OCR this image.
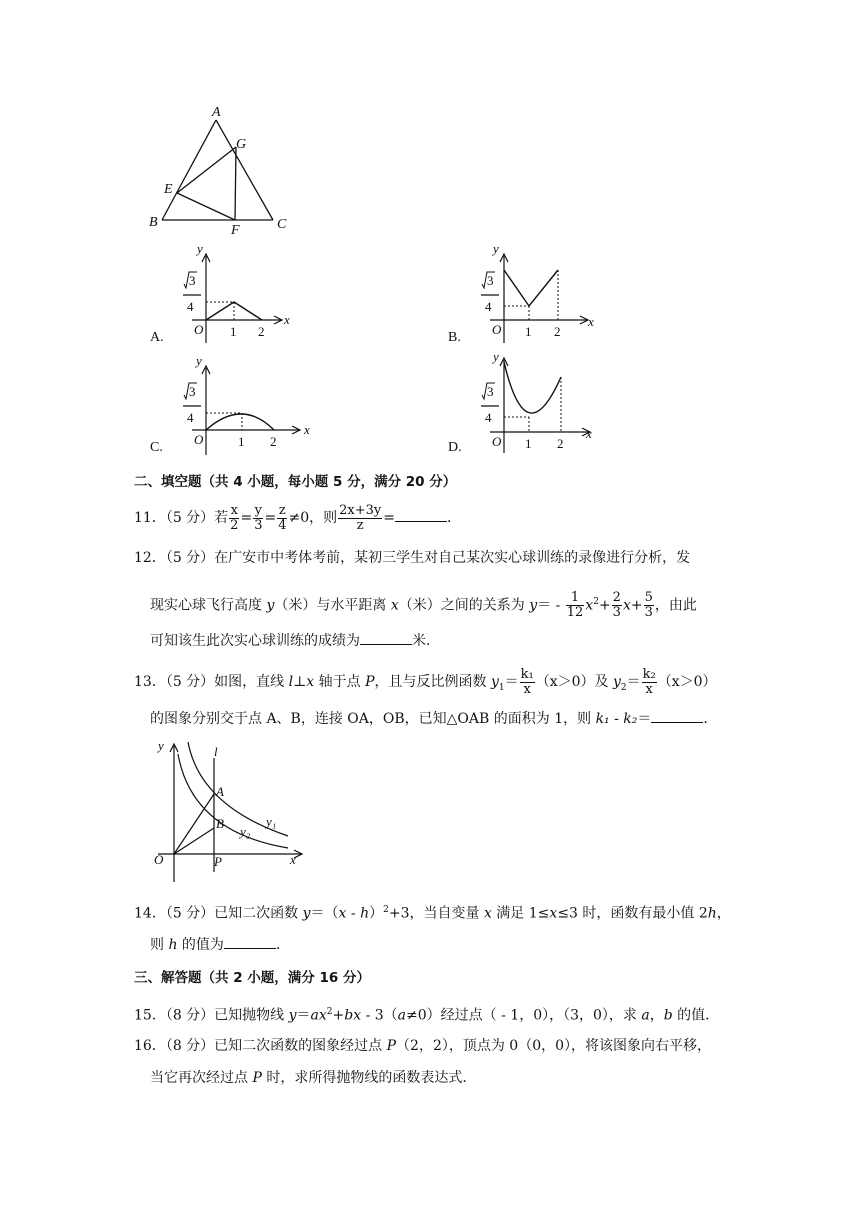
A
G
E
B
F	C
A.
y
3
4
O 1 2
x
B.
y
3
4
O 1 2
x
C.
y
3
4
O	1 2
x
D.
y
3
4
O 1 2
x
二、填空题（共 4 小题，每小题 5 分，满分 20 分）
11．（5 分）若 $\frac{x}{2} = \frac{y}{3} = \frac{z}{4} \ne 0$，则 $\frac{2x+3y}{z}$ =	．
12．（5 分）在广安市中考体考前，某初三学生对自己某次实心球训练的录像进行分析，发
现实心球飞行高度 y（米）与水平距离 x（米）之间的关系为 $y= - \frac{1}{12} x^2+ \frac{2}{3} x+ \frac{5}{3}$ ，由此
可知该生此次实心球训练的成绩为	米．
13．（5 分）如图，直线 l⊥x 轴于点 P，且与反比例函数 $y_1= \frac{\text{k₁}}{x} (x>0)$及 $y_2= \frac{\text{k₂}}{x} (x>0)$
的图象分别交于点 A、B，连接 OA，OB，已知△OAB 的面积为 1，则 k₁ - k₂＝	．
y	l
A
B	y₁
y₂
O	P	x
14．（5 分）已知二次函数 y＝（x - h）$^2$+3，当自变量 x 满足 1≤x≤3 时，函数有最小值 2h，
则 h 的值为	．
三、解答题（共 2 小题，满分 16 分）
15．（8 分）已知抛物线 $y=ax^2+bx - 3(a\ne 0)$经过点（ - 1，0），（3，0），求 a，b 的值．
16．（8 分）已知二次函数的图象经过点 P（2，2），顶点为 0（0，0），将该图象向右平移，
当它再次经过点 P 时，求所得抛物线的函数表达式．
